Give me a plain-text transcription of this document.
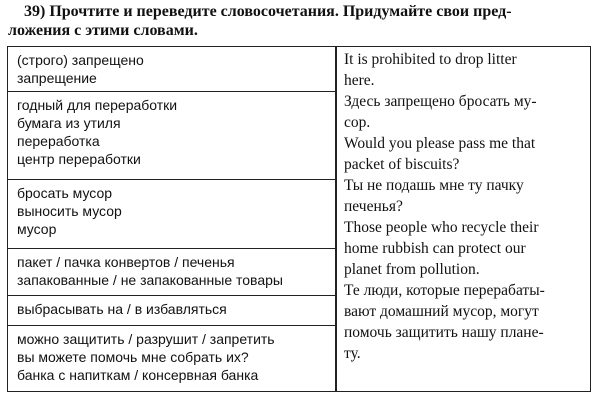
39) Прочтите и переведите словосочетания. Придумайте свои пред-
ложения с этими словами.
(строго) запрещено
запрещение
годный для переработки
бумага из утиля
переработка
центр переработки
бросать мусор
выносить мусор
мусор
пакет / пачка конвертов / печенья
запакованные / не запакованные товары
выбрасывать на / в избавляться
можно защитить / разрушит / запретить
вы можете помочь мне собрать их?
банка с напиткам / консервная банка
It is prohibited to drop litter
here.
Здесь запрещено бросать му-
сор.
Would you please pass me that
packet of biscuits?
Ты не подашь мне ту пачку
печенья?
Those people who recycle their
home rubbish can protect our
planet from pollution.
Те люди, которые перерабаты-
вают домашний мусор, могут
помочь защитить нашу плане-
ту.
